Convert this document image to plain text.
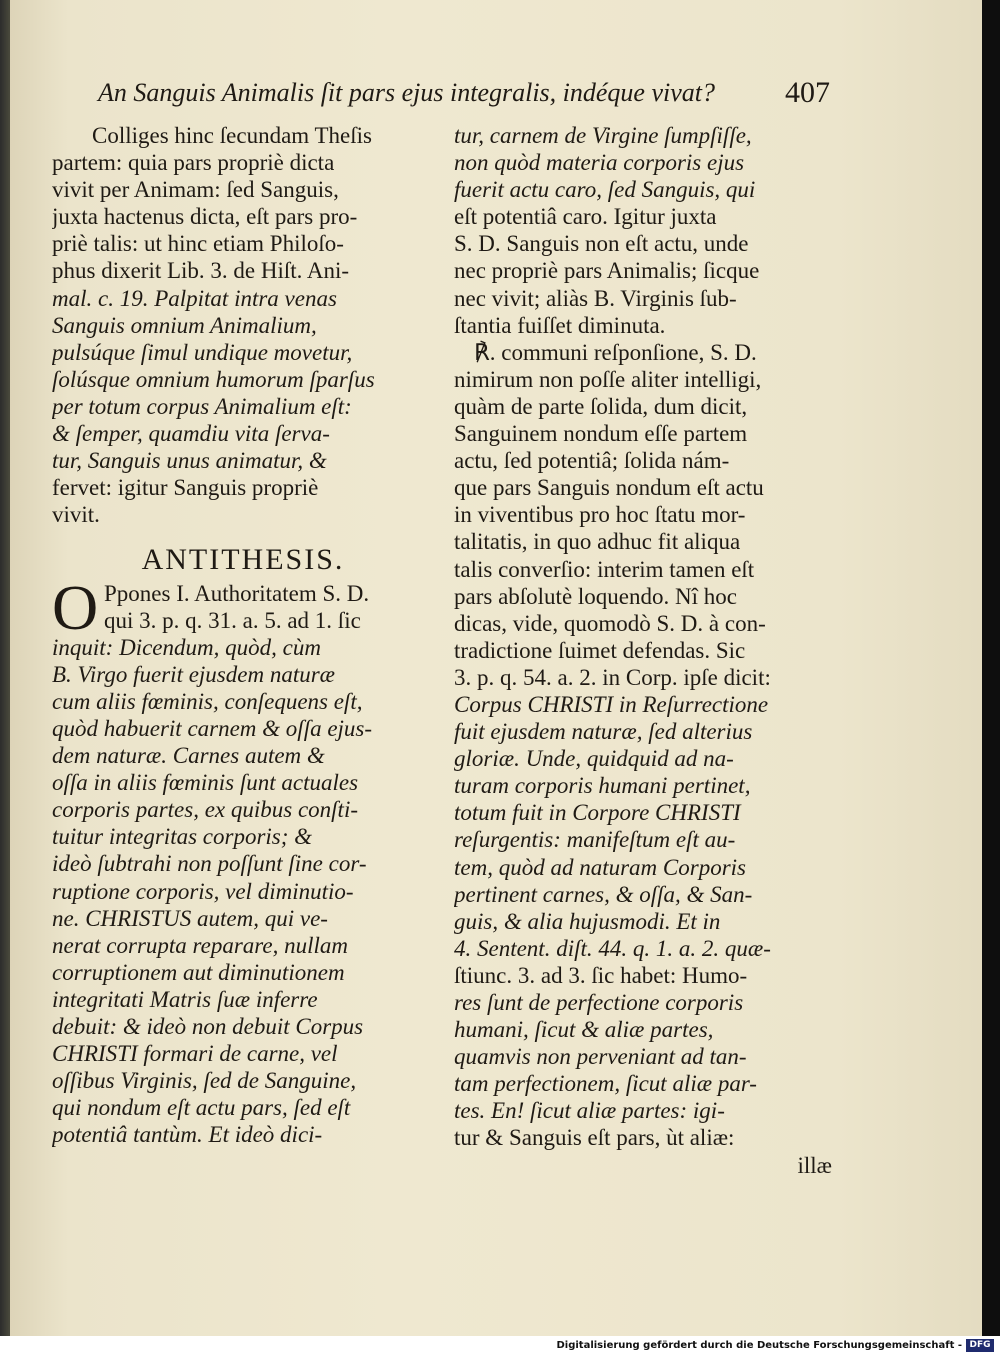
An Sanguis Animalis ſit pars ejus integralis, indéque vivat? 407
Colliges hinc ſecundam Theſis
partem: quia pars propriè dicta
vivit per Animam: ſed Sanguis,
juxta hactenus dicta, eſt pars pro-
priè talis: ut hinc etiam Philoſo-
phus dixerit Lib. 3. de Hiſt. Ani-
mal. c. 19. Palpitat intra venas
Sanguis omnium Animalium,
pulsúque ſimul undique movetur,
ſolúsque omnium humorum ſparſus
per totum corpus Animalium eſt:
& ſemper, quamdiu vita ſerva-
tur, Sanguis unus animatur, &
fervet: igitur Sanguis propriè
vivit.
ANTITHESIS.
O Ppones I. Authoritatem S. D.
qui 3. p. q. 31. a. 5. ad 1. ſic
inquit: Dicendum, quòd, cùm
B. Virgo fuerit ejusdem naturæ
cum aliis fœminis, conſequens eſt,
quòd habuerit carnem & oſſa ejus-
dem naturæ. Carnes autem &
oſſa in aliis fœminis ſunt actuales
corporis partes, ex quibus conſti-
tuitur integritas corporis; &
ideò ſubtrahi non poſſunt ſine cor-
ruptione corporis, vel diminutio-
ne. CHRISTUS autem, qui ve-
nerat corrupta reparare, nullam
corruptionem aut diminutionem
integritati Matris ſuæ inferre
debuit: & ideò non debuit Corpus
CHRISTI formari de carne, vel
oſſibus Virginis, ſed de Sanguine,
qui nondum eſt actu pars, ſed eſt
potentiâ tantùm. Et ideò dici-
tur, carnem de Virgine ſumpſiſſe,
non quòd materia corporis ejus
fuerit actu caro, ſed Sanguis, qui
eſt potentiâ caro. Igitur juxta
S. D. Sanguis non eſt actu, unde
nec propriè pars Animalis; ſicque
nec vivit; aliàs B. Virginis ſub-
ſtantia fuiſſet diminuta.
℟. communi reſponſione, S. D.
nimirum non poſſe aliter intelligi,
quàm de parte ſolida, dum dicit,
Sanguinem nondum eſſe partem
actu, ſed potentiâ; ſolida nám-
que pars Sanguis nondum eſt actu
in viventibus pro hoc ſtatu mor-
talitatis, in quo adhuc fit aliqua
talis converſio: interim tamen eſt
pars abſolutè loquendo. Nî hoc
dicas, vide, quomodò S. D. à con-
tradictione ſuimet defendas. Sic
3. p. q. 54. a. 2. in Corp. ipſe dicit:
Corpus CHRISTI in Reſurrectione
fuit ejusdem naturæ, ſed alterius
gloriæ. Unde, quidquid ad na-
turam corporis humani pertinet,
totum fuit in Corpore CHRISTI
reſurgentis: manifeſtum eſt au-
tem, quòd ad naturam Corporis
pertinent carnes, & oſſa, & San-
guis, & alia hujusmodi. Et in
4. Sentent. diſt. 44. q. 1. a. 2. quæ-
ſtiunc. 3. ad 3. ſic habet: Humo-
res ſunt de perfectione corporis
humani, ſicut & aliæ partes,
quamvis non perveniant ad tan-
tam perfectionem, ſicut aliæ par-
tes. En! ſicut aliæ partes: igi-
tur & Sanguis eſt pars, ùt aliæ:
illæ
Digitalisierung gefördert durch die Deutsche Forschungsgemeinschaft - DFG
